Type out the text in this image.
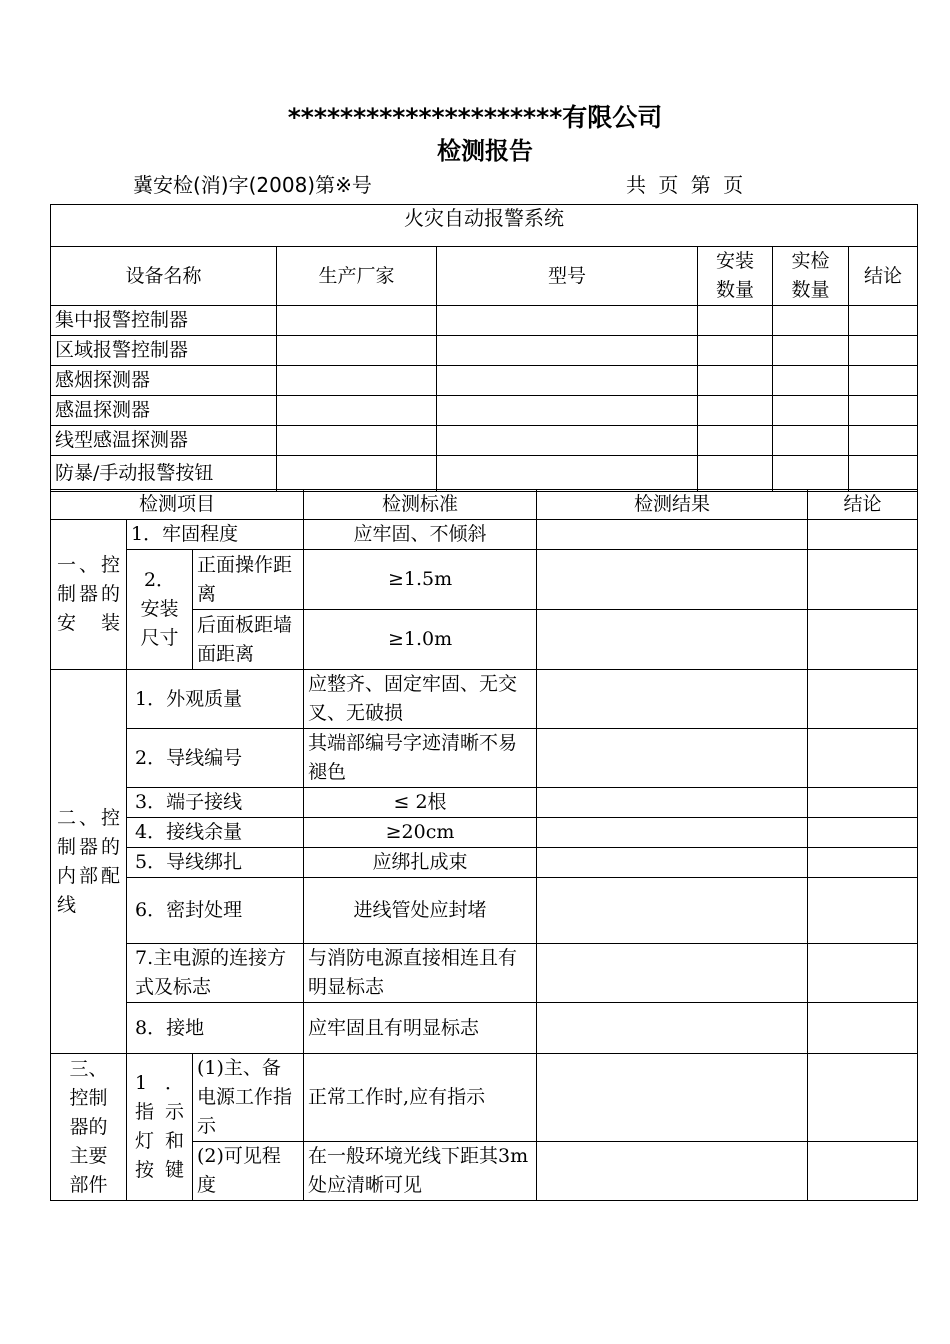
*********************有限公司
检测报告
冀安检(消)字(2008)第※号	共 页 第 页
火灾自动报警系统					
设备名称	生产厂家	型号	安装数量	实检数量	结论
集中报警控制器					
区域报警控制器					
感烟探测器					
感温探测器					
线型感温探测器					
防暴/手动报警按钮					
检测项目			检测标准	检测结果	结论
一、控制器的安装	1．牢固程度		应牢固、不倾斜		
	2．安装尺寸	正面操作距离	≥1.5m		
		后面板距墙面距离	≥1.0m		
二、控制器的内部配线	1．外观质量		应整齐、固定牢固、无交叉、无破损		
	2．导线编号		其端部编号字迹清晰不易褪色		
	3．端子接线		≤ 2根		
	4．接线余量		≥20cm		
	5．导线绑扎		应绑扎成束		
	6．密封处理		进线管处应封堵		
	7.主电源的连接方式及标志		与消防电源直接相连且有明显标志		
	8．接地		应牢固且有明显标志		
三、控制器的主要部件	1．指示灯和按键	(1)主、备电源工作指示	正常工作时,应有指示		
		(2)可见程度	在一般环境光线下距其3m处应清晰可见		
